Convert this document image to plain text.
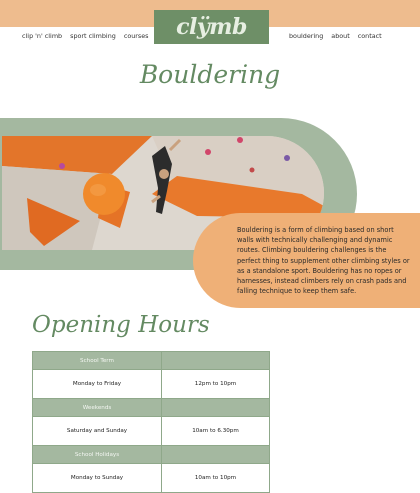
clip 'n' climb sport climbing courses	clÿmb	bouldering about contact
Bouldering
Bouldering is a form of climbing based on short walls with technically challenging and dynamic routes. Climbing bouldering challenges is the perfect thing to supplement other climbing styles or as a standalone sport. Bouldering has no ropes or harnesses, instead climbers rely on crash pads and falling technique to keep them safe.
Opening Hours
School Term	
Monday to Friday	12pm to 10pm
Weekends	
Saturday and Sunday	10am to 6.30pm
School Holidays	
Monday to Sunday	10am to 10pm
